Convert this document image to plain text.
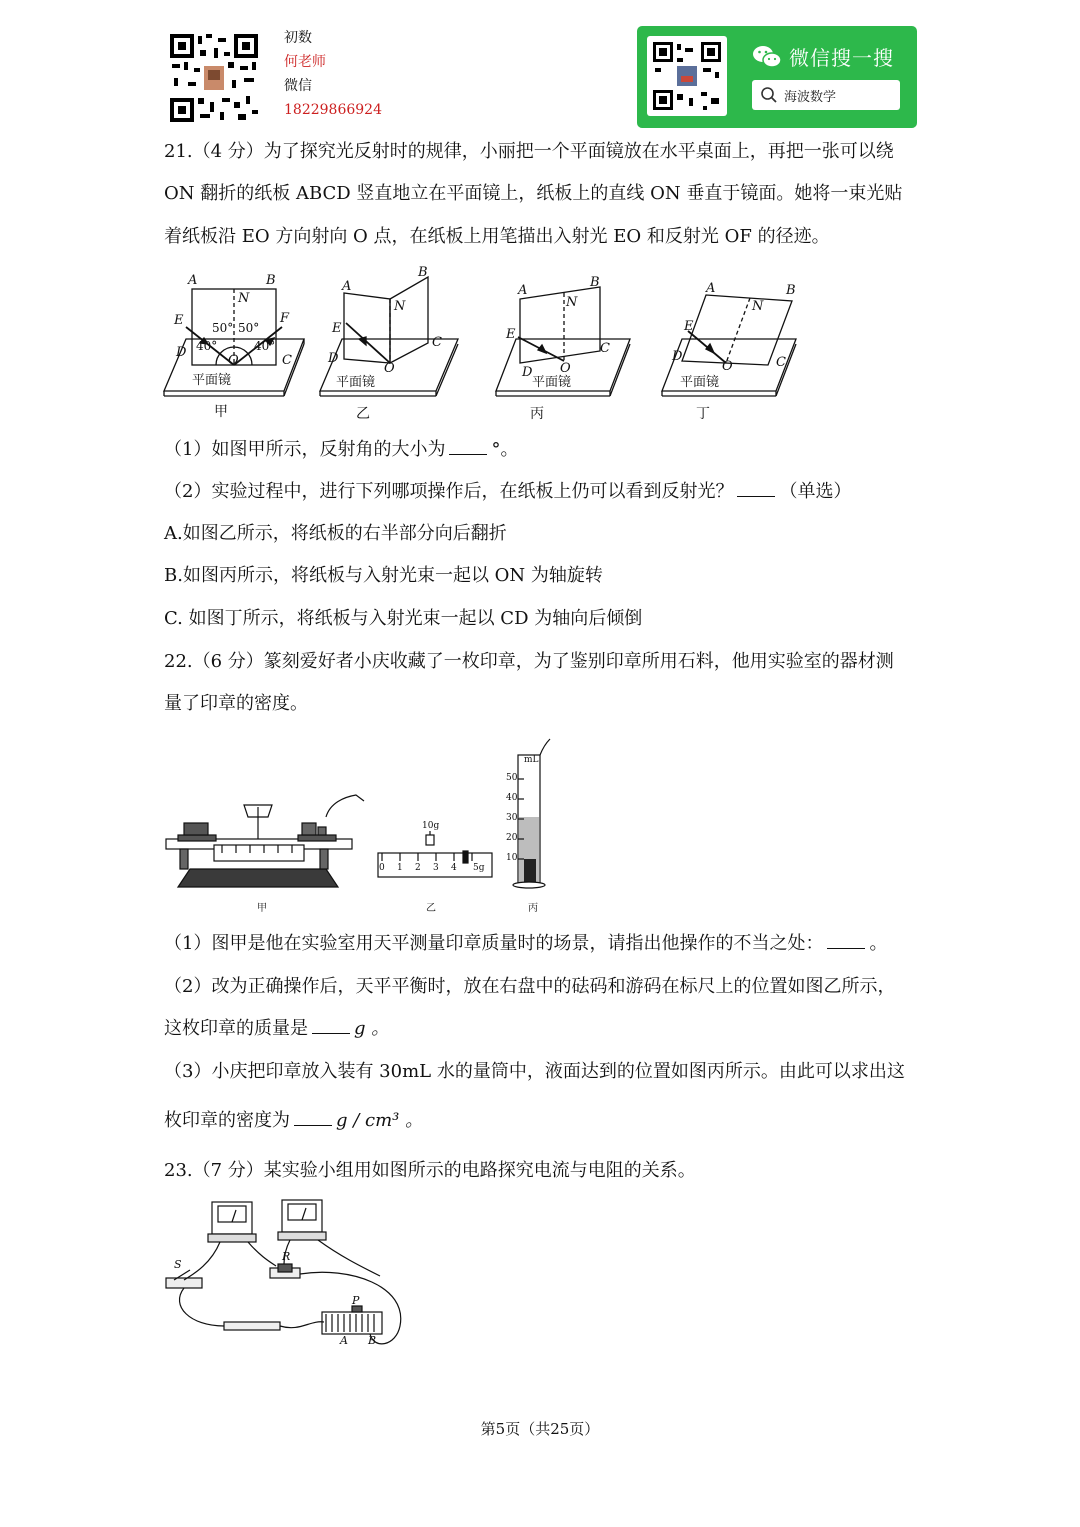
初数
何老师
微信
18229866924
微信搜一搜
海波数学
21.（4 分）为了探究光反射时的规律，小丽把一个平面镜放在水平桌面上，再把一张可以绕
ON 翻折的纸板 ABCD 竖直地立在平面镜上，纸板上的直线 ON 垂直于镜面。她将一束光贴
着纸板沿 EO 方向射向 O 点，在纸板上用笔描出入射光 EO 和反射光 OF 的径迹。
A	B
N
E	F
D
C
O
50° 50°
40°	40°
平面镜
A
B
N
E
D
C
O
平面镜
A
B
N
E
D
C
O
平面镜
A	B
N
E
D	C
O
平面镜
甲	乙	丙	丁
（1）如图甲所示，反射角的大小为	°。
（2）实验过程中，进行下列哪项操作后，在纸板上仍可以看到反射光？	（单选）
A.如图乙所示，将纸板的右半部分向后翻折
B.如图丙所示，将纸板与入射光束一起以 ON 为轴旋转
C. 如图丁所示，将纸板与入射光束一起以 CD 为轴向后倾倒
22.（6 分）篆刻爱好者小庆收藏了一枚印章，为了鉴别印章所用石料，他用实验室的器材测
量了印章的密度。
10g
0 1 2 3 4 5g
mL
50
40
30
20
10
甲	乙	丙
（1）图甲是他在实验室用天平测量印章质量时的场景，请指出他操作的不当之处：	。
（2）改为正确操作后，天平平衡时，放在右盘中的砝码和游码在标尺上的位置如图乙所示，
这枚印章的质量是	g 。
（3）小庆把印章放入装有 30mL 水的量筒中，液面达到的位置如图丙所示。由此可以求出这
枚印章的密度为	g / cm³ 。
23.（7 分）某实验小组用如图所示的电路探究电流与电阻的关系。
S
R
P
A B
第5页（共25页）
